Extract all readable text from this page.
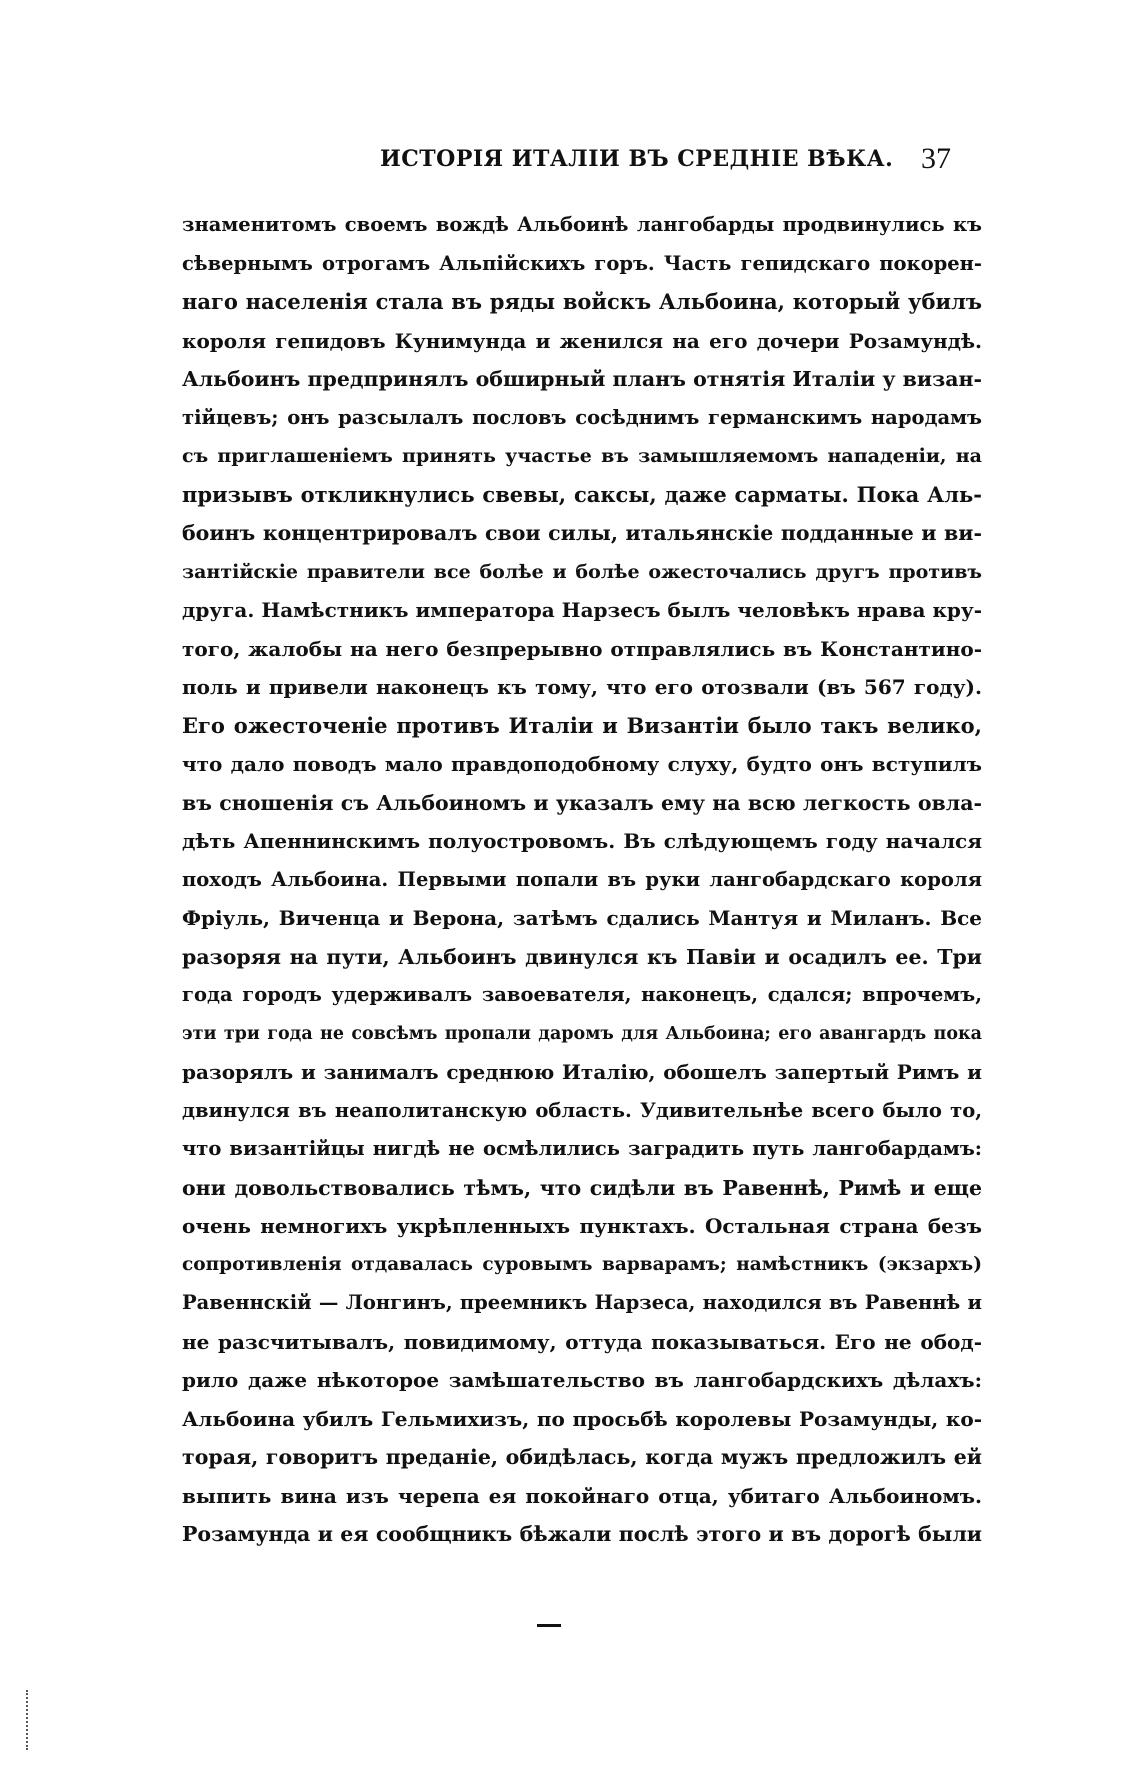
ИСТОРІЯ ИТАЛІИ ВЪ СРЕДНІЕ ВѢКА. 37
знаменитомъ своемъ вождѣ Альбоинѣ лангобарды продвинулись къ
сѣвернымъ отрогамъ Альпійскихъ горъ. Часть гепидскаго покорен-
наго населенія стала въ ряды войскъ Альбоина, который убилъ
короля гепидовъ Кунимунда и женился на его дочери Розамундѣ.
Альбоинъ предпринялъ обширный планъ отнятія Италіи у визан-
тійцевъ; онъ разсылалъ пословъ сосѣднимъ германскимъ народамъ
съ приглашеніемъ принять участье въ замышляемомъ нападеніи, на
призывъ откликнулись свевы, саксы, даже сарматы. Пока Аль-
боинъ концентрировалъ свои силы, итальянскіе подданные и ви-
зантійскіе правители все болѣе и болѣе ожесточались другъ противъ
друга. Намѣстникъ императора Нарзесъ былъ человѣкъ нрава кру-
того, жалобы на него безпрерывно отправлялись въ Константино-
поль и привели наконецъ къ тому, что его отозвали (въ 567 году).
Его ожесточеніе противъ Италіи и Византіи было такъ велико,
что дало поводъ мало правдоподобному слуху, будто онъ вступилъ
въ сношенія съ Альбоиномъ и указалъ ему на всю легкость овла-
дѣть Апеннинскимъ полуостровомъ. Въ слѣдующемъ году начался
походъ Альбоина. Первыми попали въ руки лангобардскаго короля
Фріуль, Виченца и Верона, затѣмъ сдались Мантуя и Миланъ. Все
разоряя на пути, Альбоинъ двинулся къ Павіи и осадилъ ее. Три
года городъ удерживалъ завоевателя, наконецъ, сдался; впрочемъ,
эти три года не совсѣмъ пропали даромъ для Альбоина; его авангардъ пока
разорялъ и занималъ среднюю Италію, обошелъ запертый Римъ и
двинулся въ неаполитанскую область. Удивительнѣе всего было то,
что византійцы нигдѣ не осмѣлились заградить путь лангобардамъ:
они довольствовались тѣмъ, что сидѣли въ Равеннѣ, Римѣ и еще
очень немногихъ укрѣпленныхъ пунктахъ. Остальная страна безъ
сопротивленія отдавалась суровымъ варварамъ; намѣстникъ (экзархъ)
Равеннскій — Лонгинъ, преемникъ Нарзеса, находился въ Равеннѣ и
не разсчитывалъ, повидимому, оттуда показываться. Его не обод-
рило даже нѣкоторое замѣшательство въ лангобардскихъ дѣлахъ:
Альбоина убилъ Гельмихизъ, по просьбѣ королевы Розамунды, ко-
торая, говоритъ преданіе, обидѣлась, когда мужъ предложилъ ей
выпить вина изъ черепа ея покойнаго отца, убитаго Альбоиномъ.
Розамунда и ея сообщникъ бѣжали послѣ этого и въ дорогѣ были
